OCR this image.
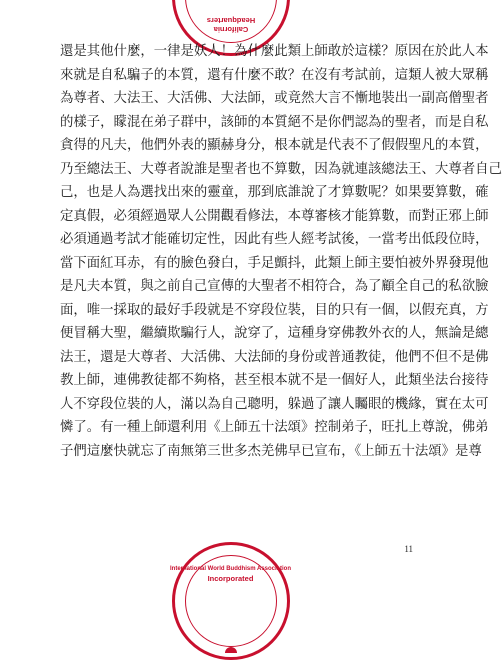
California
Headquarters
還是其他什麼，一律是妖人！為什麼此類上師敢於這樣？原因在於此人本
來就是自私騙子的本質，還有什麼不敢？在沒有考試前，這類人被大眾稱
為尊者、大法王、大活佛、大法師，或竟然大言不慚地裝出一副高僧聖者
的樣子，矇混在弟子群中，該師的本質絕不是你們認為的聖者，而是自私
貪得的凡夫，他們外表的顯赫身分，根本就是代表不了假假聖凡的本質，
乃至總法王、大尊者說誰是聖者也不算數，因為就連該總法王、大尊者自己
己，也是人為選找出來的靈童，那到底誰說了才算數呢？如果要算數，確
定真假，必須經過眾人公開觀看修法，本尊審核才能算數，而對正邪上師
必須通過考試才能確切定性，因此有些人經考試後，一當考出低段位時，
當下面紅耳赤，有的臉色發白，手足顫抖，此類上師主要怕被外界發現他
是凡夫本質，與之前自己宣傳的大聖者不相符合，為了顧全自己的私欲臉
面，唯一採取的最好手段就是不穿段位裝，目的只有一個，以假充真，方
便冒稱大聖，繼續欺騙行人，說穿了，這種身穿佛教外衣的人，無論是總
法王，還是大尊者、大活佛、大法師的身份或普通教徒，他們不但不是佛
教上師，連佛教徒都不夠格，甚至根本就不是一個好人，此類坐法台接待
人不穿段位裝的人，滿以為自己聰明，躲過了讓人矚眼的機緣，實在太可
憐了。有一種上師還利用《上師五十法頌》控制弟子，旺扎上尊說，佛弟
子們這麼快就忘了南無第三世多杰羌佛早已宣布，《上師五十法頌》是尊
11
International World Buddhism Association
Incorporated
